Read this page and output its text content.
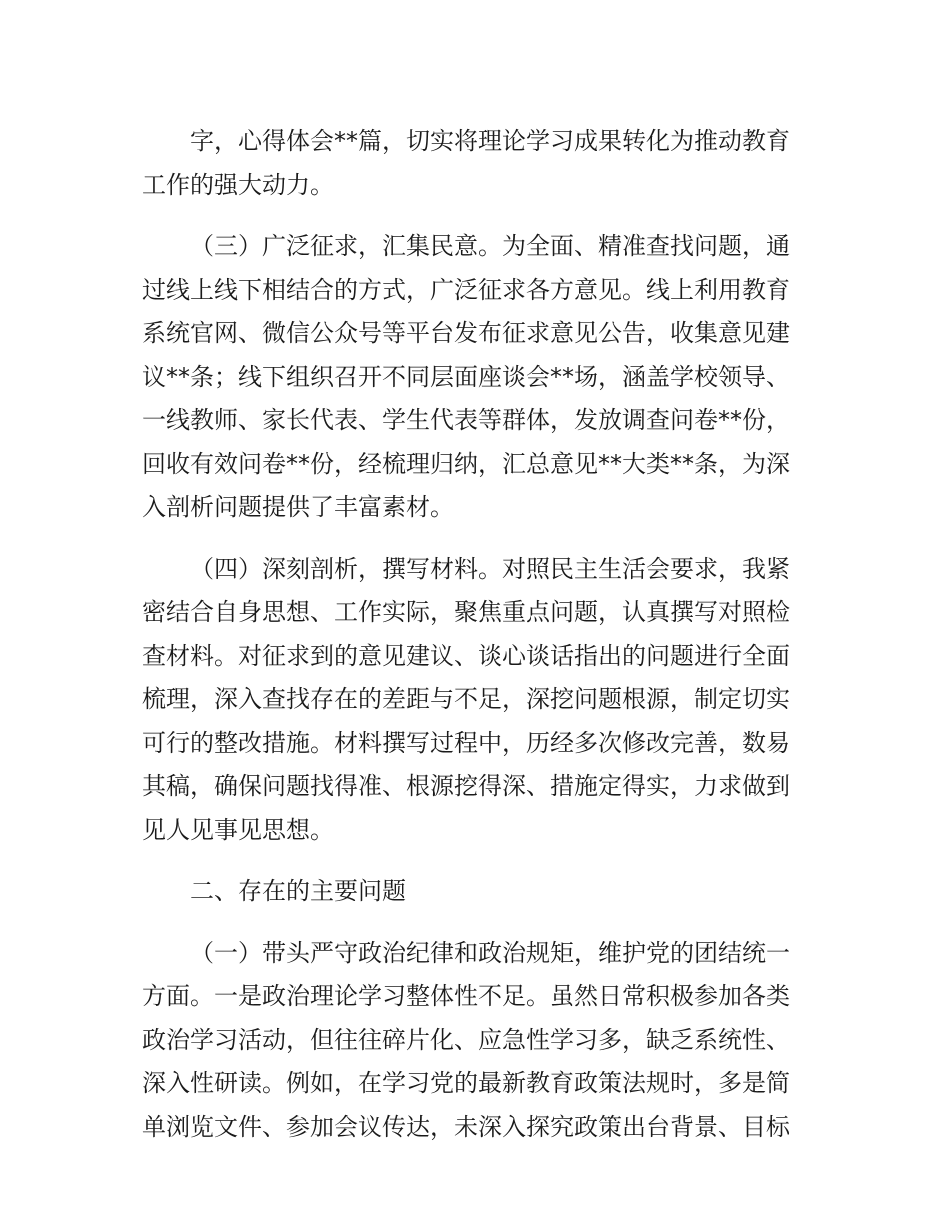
字，心得体会**篇，切实将理论学习成果转化为推动教育
工作的强大动力。
（三）广泛征求，汇集民意。为全面、精准查找问题，通
过线上线下相结合的方式，广泛征求各方意见。线上利用教育
系统官网、微信公众号等平台发布征求意见公告，收集意见建
议**条；线下组织召开不同层面座谈会**场，涵盖学校领导、
一线教师、家长代表、学生代表等群体，发放调查问卷**份，
回收有效问卷**份，经梳理归纳，汇总意见**大类**条，为深
入剖析问题提供了丰富素材。
（四）深刻剖析，撰写材料。对照民主生活会要求，我紧
密结合自身思想、工作实际，聚焦重点问题，认真撰写对照检
查材料。对征求到的意见建议、谈心谈话指出的问题进行全面
梳理，深入查找存在的差距与不足，深挖问题根源，制定切实
可行的整改措施。材料撰写过程中，历经多次修改完善，数易
其稿，确保问题找得准、根源挖得深、措施定得实，力求做到
见人见事见思想。
二、存在的主要问题
（一）带头严守政治纪律和政治规矩，维护党的团结统一
方面。一是政治理论学习整体性不足。虽然日常积极参加各类
政治学习活动，但往往碎片化、应急性学习多，缺乏系统性、
深入性研读。例如，在学习党的最新教育政策法规时，多是简
单浏览文件、参加会议传达，未深入探究政策出台背景、目标
